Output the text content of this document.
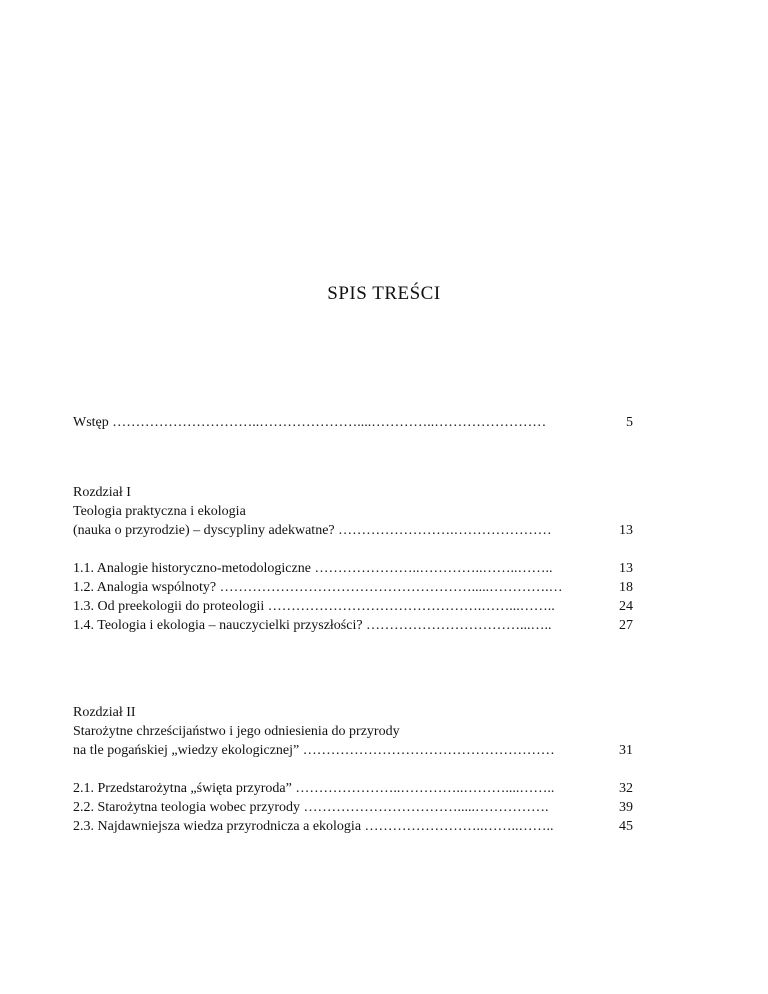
SPIS TREŚCI
Wstęp …………………………..…………………....…………..……………………	5
Rozdział I
Teologia praktyczna i ekologia
(nauka o przyrodzie) – dyscypliny adekwatne? …………………….…………………	13
1.1. Analogie historyczno-metodologiczne …………………..…………..……..……..	13
1.2. Analogia wspólnoty? ……………………………………………….....………….…	18
1.3. Od preekologii do proteologii ……………………………………….……...……..	24
1.4. Teologia i ekologia – nauczycielki przyszłości? ……………………………...…..	27
Rozdział II
Starożytne chrześcijaństwo i jego odniesienia do przyrody
na tle pogańskiej „wiedzy ekologicznej” ………………………………………………	31
2.1. Przedstarożytna „święta przyroda” …………………..…………..………....……..	32
2.2. Starożytna teologia wobec przyrody …………………………….....…………….	39
2.3. Najdawniejsza wiedza przyrodnicza a ekologia ……………………..……..……..	45
